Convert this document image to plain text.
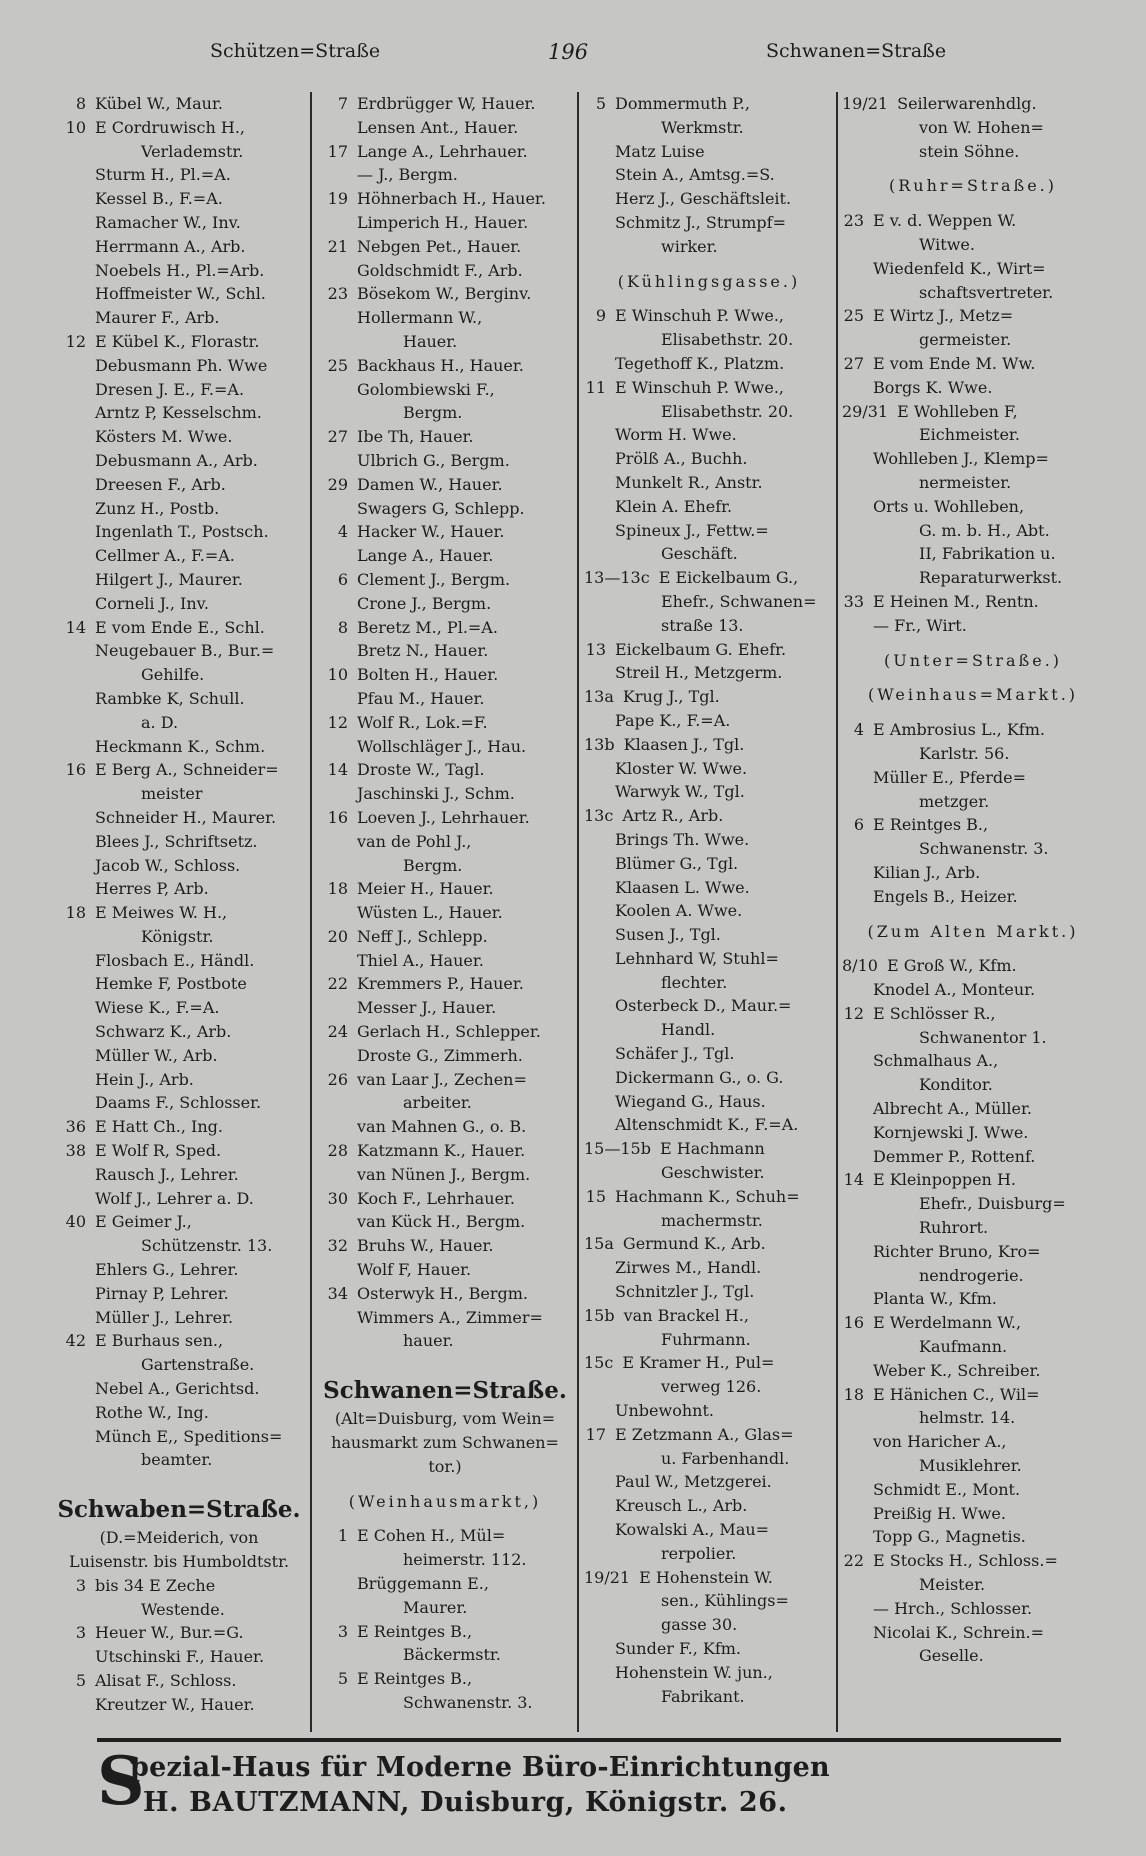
Schützen=Straße	196	Schwanen=Straße
8 Kübel W., Maur.
10 E Cordruwisch H.,
Verlademstr.
Sturm H., Pl.=A.
Kessel B., F.=A.
Ramacher W., Inv.
Herrmann A., Arb.
Noebels H., Pl.=Arb.
Hoffmeister W., Schl.
Maurer F., Arb.
12 E Kübel K., Florastr.
Debusmann Ph. Wwe
Dresen J. E., F.=A.
Arntz P, Kesselschm.
Kösters M. Wwe.
Debusmann A., Arb.
Dreesen F., Arb.
Zunz H., Postb.
Ingenlath T., Postsch.
Cellmer A., F.=A.
Hilgert J., Maurer.
Corneli J., Inv.
14 E vom Ende E., Schl.
Neugebauer B., Bur.=
Gehilfe.
Rambke K, Schull.
a. D.
Heckmann K., Schm.
16 E Berg A., Schneider=
meister
Schneider H., Maurer.
Blees J., Schriftsetz.
Jacob W., Schloss.
Herres P, Arb.
18 E Meiwes W. H.,
Königstr.
Flosbach E., Händl.
Hemke F, Postbote
Wiese K., F.=A.
Schwarz K., Arb.
Müller W., Arb.
Hein J., Arb.
Daams F., Schlosser.
36 E Hatt Ch., Ing.
38 E Wolf R, Sped.
Rausch J., Lehrer.
Wolf J., Lehrer a. D.
40 E Geimer J.,
Schützenstr. 13.
Ehlers G., Lehrer.
Pirnay P, Lehrer.
Müller J., Lehrer.
42 E Burhaus sen.,
Gartenstraße.
Nebel A., Gerichtsd.
Rothe W., Ing.
Münch E,, Speditions=
beamter.
Schwaben=Straße.
(D.=Meiderich, von
Luisenstr. bis Humboldtstr.
3 bis 34 E Zeche
Westende.
3 Heuer W., Bur.=G.
Utschinski F., Hauer.
5 Alisat F., Schloss.
Kreutzer W., Hauer.
7 Erdbrügger W, Hauer.
Lensen Ant., Hauer.
17 Lange A., Lehrhauer.
— J., Bergm.
19 Höhnerbach H., Hauer.
Limperich H., Hauer.
21 Nebgen Pet., Hauer.
Goldschmidt F., Arb.
23 Bösekom W., Berginv.
Hollermann W.,
Hauer.
25 Backhaus H., Hauer.
Golombiewski F.,
Bergm.
27 Ibe Th, Hauer.
Ulbrich G., Bergm.
29 Damen W., Hauer.
Swagers G, Schlepp.
4 Hacker W., Hauer.
Lange A., Hauer.
6 Clement J., Bergm.
Crone J., Bergm.
8 Beretz M., Pl.=A.
Bretz N., Hauer.
10 Bolten H., Hauer.
Pfau M., Hauer.
12 Wolf R., Lok.=F.
Wollschläger J., Hau.
14 Droste W., Tagl.
Jaschinski J., Schm.
16 Loeven J., Lehrhauer.
van de Pohl J.,
Bergm.
18 Meier H., Hauer.
Wüsten L., Hauer.
20 Neff J., Schlepp.
Thiel A., Hauer.
22 Kremmers P., Hauer.
Messer J., Hauer.
24 Gerlach H., Schlepper.
Droste G., Zimmerh.
26 van Laar J., Zechen=
arbeiter.
van Mahnen G., o. B.
28 Katzmann K., Hauer.
van Nünen J., Bergm.
30 Koch F., Lehrhauer.
van Kück H., Bergm.
32 Bruhs W., Hauer.
Wolf F, Hauer.
34 Osterwyk H., Bergm.
Wimmers A., Zimmer=
hauer.
Schwanen=Straße.
(Alt=Duisburg, vom Wein=
hausmarkt zum Schwanen=
tor.)
(Weinhausmarkt,)
1 E Cohen H., Mül=
heimerstr. 112.
Brüggemann E.,
Maurer.
3 E Reintges B.,
Bäckermstr.
5 E Reintges B.,
Schwanenstr. 3.
5 Dommermuth P.,
Werkmstr.
Matz Luise
Stein A., Amtsg.=S.
Herz J., Geschäftsleit.
Schmitz J., Strumpf=
wirker.
(Kühlingsgasse.)
9 E Winschuh P. Wwe.,
Elisabethstr. 20.
Tegethoff K., Platzm.
11 E Winschuh P. Wwe.,
Elisabethstr. 20.
Worm H. Wwe.
Prölß A., Buchh.
Munkelt R., Anstr.
Klein A. Ehefr.
Spineux J., Fettw.=
Geschäft.
13—13c E Eickelbaum G.,
Ehefr., Schwanen=
straße 13.
13 Eickelbaum G. Ehefr.
Streil H., Metzgerm.
13a Krug J., Tgl.
Pape K., F.=A.
13b Klaasen J., Tgl.
Kloster W. Wwe.
Warwyk W., Tgl.
13c Artz R., Arb.
Brings Th. Wwe.
Blümer G., Tgl.
Klaasen L. Wwe.
Koolen A. Wwe.
Susen J., Tgl.
Lehnhard W, Stuhl=
flechter.
Osterbeck D., Maur.=
Handl.
Schäfer J., Tgl.
Dickermann G., o. G.
Wiegand G., Haus.
Altenschmidt K., F.=A.
15—15b E Hachmann
Geschwister.
15 Hachmann K., Schuh=
machermstr.
15a Germund K., Arb.
Zirwes M., Handl.
Schnitzler J., Tgl.
15b van Brackel H.,
Fuhrmann.
15c E Kramer H., Pul=
verweg 126.
Unbewohnt.
17 E Zetzmann A., Glas=
u. Farbenhandl.
Paul W., Metzgerei.
Kreusch L., Arb.
Kowalski A., Mau=
rerpolier.
19/21 E Hohenstein W.
sen., Kühlings=
gasse 30.
Sunder F., Kfm.
Hohenstein W. jun.,
Fabrikant.
19/21 Seilerwarenhdlg.
von W. Hohen=
stein Söhne.
(Ruhr=Straße.)
23 E v. d. Weppen W.
Witwe.
Wiedenfeld K., Wirt=
schaftsvertreter.
25 E Wirtz J., Metz=
germeister.
27 E vom Ende M. Ww.
Borgs K. Wwe.
29/31 E Wohlleben F,
Eichmeister.
Wohlleben J., Klemp=
nermeister.
Orts u. Wohlleben,
G. m. b. H., Abt.
II, Fabrikation u.
Reparaturwerkst.
33 E Heinen M., Rentn.
— Fr., Wirt.
(Unter=Straße.)
(Weinhaus=Markt.)
4 E Ambrosius L., Kfm.
Karlstr. 56.
Müller E., Pferde=
metzger.
6 E Reintges B.,
Schwanenstr. 3.
Kilian J., Arb.
Engels B., Heizer.
(Zum Alten Markt.)
8/10 E Groß W., Kfm.
Knodel A., Monteur.
12 E Schlösser R.,
Schwanentor 1.
Schmalhaus A.,
Konditor.
Albrecht A., Müller.
Kornjewski J. Wwe.
Demmer P., Rottenf.
14 E Kleinpoppen H.
Ehefr., Duisburg=
Ruhrort.
Richter Bruno, Kro=
nendrogerie.
Planta W., Kfm.
16 E Werdelmann W.,
Kaufmann.
Weber K., Schreiber.
18 E Hänichen C., Wil=
helmstr. 14.
von Haricher A.,
Musiklehrer.
Schmidt E., Mont.
Preißig H. Wwe.
Topp G., Magnetis.
22 E Stocks H., Schloss.=
Meister.
— Hrch., Schlosser.
Nicolai K., Schrein.=
Geselle.
S
pezial-Haus für Moderne Büro-Einrichtungen
H. BAUTZMANN, Duisburg, Königstr. 26.
